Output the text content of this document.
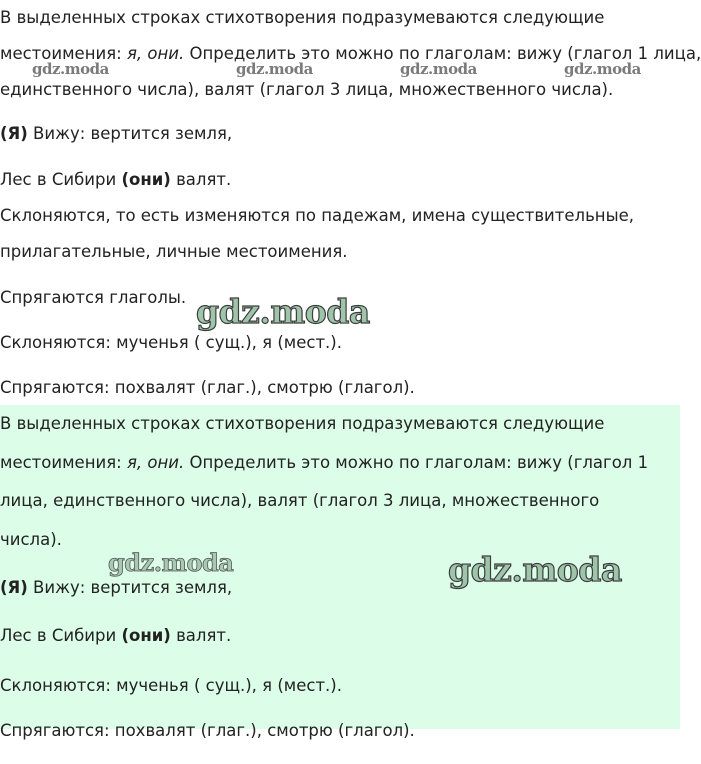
В выделенных строках стихотворения подразумеваются следующие
местоимения: я, они. Определить это можно по глаголам: вижу (глагол 1 лица,
единственного числа), валят (глагол 3 лица, множественного числа).
(Я) Вижу: вертится земля,
Лес в Сибири (они) валят.
Склоняются, то есть изменяются по падежам, имена существительные,
прилагательные, личные местоимения.
Спрягаются глаголы.
Склоняются: мученья ( сущ.), я (мест.).
Спрягаются: похвалят (глаг.), смотрю (глагол).
gdz.moda	gdz.moda	gdz.moda	gdz.moda
gdz.moda
В выделенных строках стихотворения подразумеваются следующие
местоимения: я, они. Определить это можно по глаголам: вижу (глагол 1
лица, единственного числа), валят (глагол 3 лица, множественного
числа).
(Я) Вижу: вертится земля,
Лес в Сибири (они) валят.
Склоняются: мученья ( сущ.), я (мест.).
Спрягаются: похвалят (глаг.), смотрю (глагол).
gdz.moda	gdz.moda
